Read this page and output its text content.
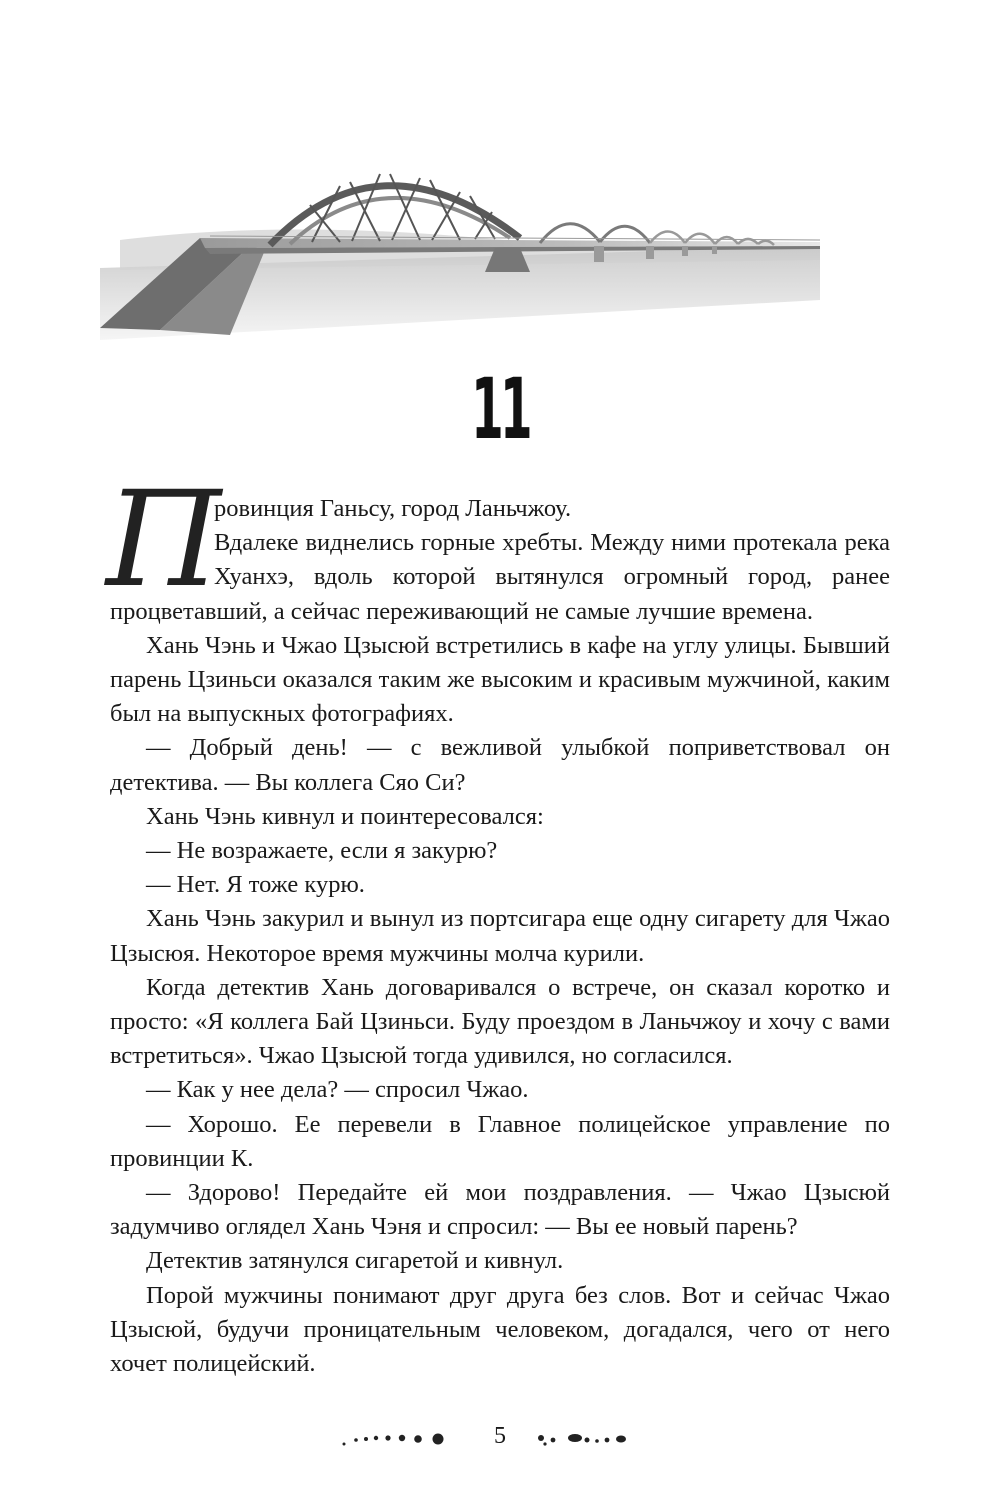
11

П
ровинция Ганьсу, город Ланьчжоу.

Вдалеке виднелись горные хребты. Между ними протекала река Хуанхэ, вдоль которой вытянулся огромный город, ранее процветавший, а сейчас переживающий не самые лучшие времена.

Хань Чэнь и Чжао Цзысюй встретились в кафе на углу улицы. Бывший парень Цзиньси оказался таким же высоким и красивым мужчиной, каким был на выпускных фотографиях.

— Добрый день! — с вежливой улыбкой поприветствовал он детектива. — Вы коллега Сяо Си?

Хань Чэнь кивнул и поинтересовался:

— Не возражаете, если я закурю?

— Нет. Я тоже курю.

Хань Чэнь закурил и вынул из портсигара еще одну сигарету для Чжао Цзысюя. Некоторое время мужчины молча курили.

Когда детектив Хань договаривался о встрече, он сказал коротко и просто: «Я коллега Бай Цзиньси. Буду проездом в Ланьчжоу и хочу с вами встретиться». Чжао Цзысюй тогда удивился, но согласился.

— Как у нее дела? — спросил Чжао.

— Хорошо. Ее перевели в Главное полицейское управление по провинции К.

— Здорово! Передайте ей мои поздравления. — Чжао Цзысюй задумчиво оглядел Хань Чэня и спросил: — Вы ее новый парень?

Детектив затянулся сигаретой и кивнул.

Порой мужчины понимают друг друга без слов. Вот и сейчас Чжао Цзысюй, будучи проницательным человеком, догадался, чего от него хочет полицейский.

5
